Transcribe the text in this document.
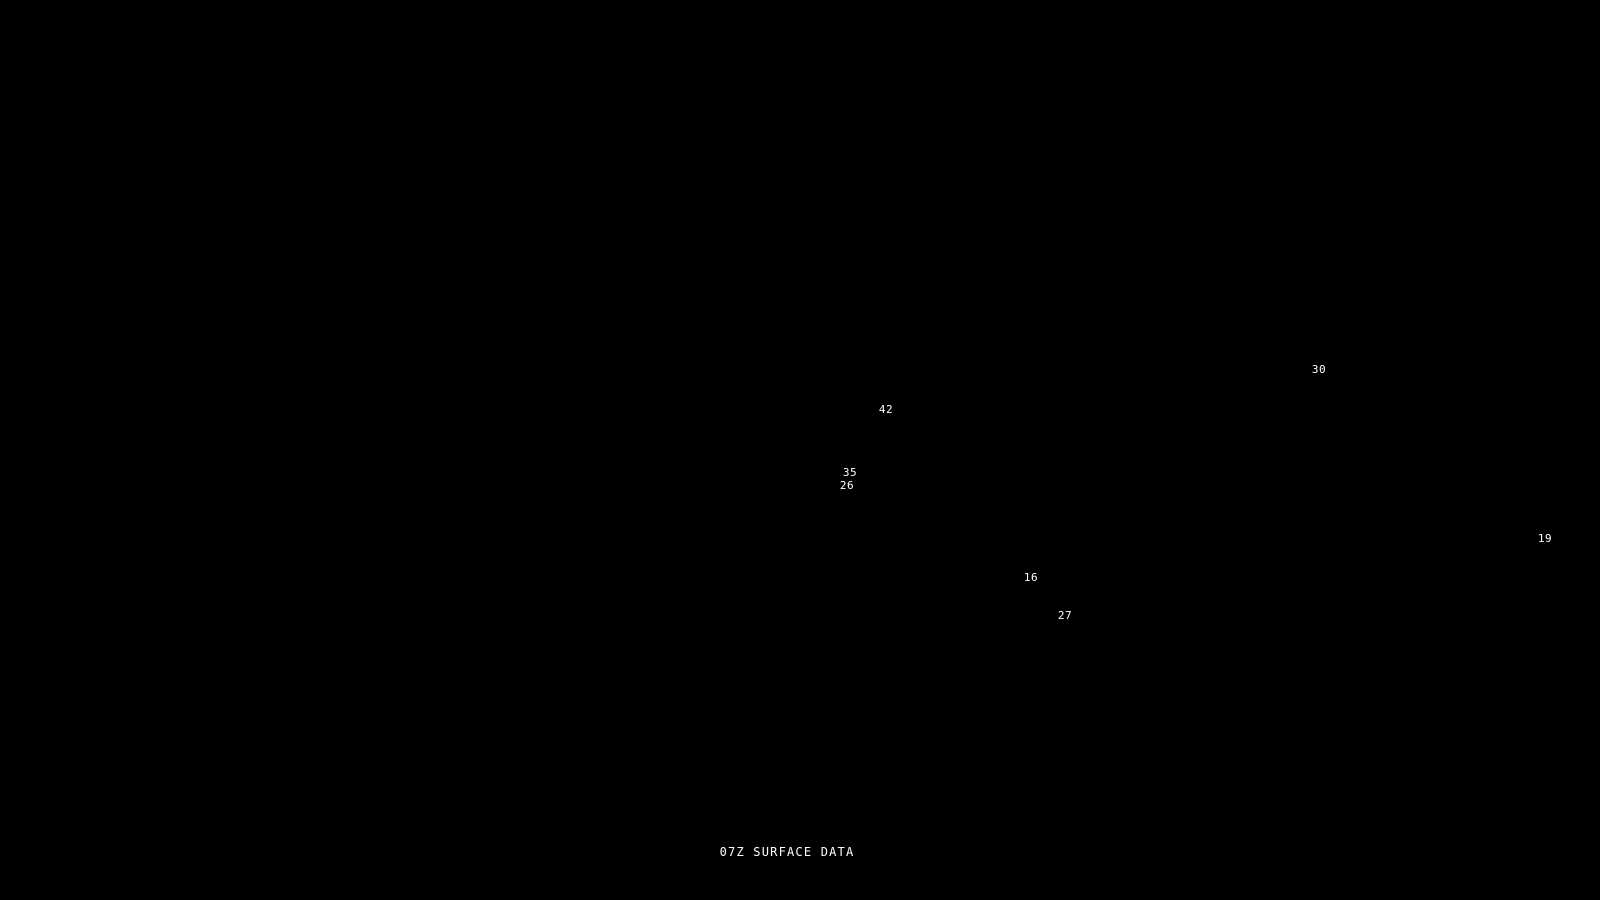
30
42
35
26
19
16
27
07Z SURFACE DATA
